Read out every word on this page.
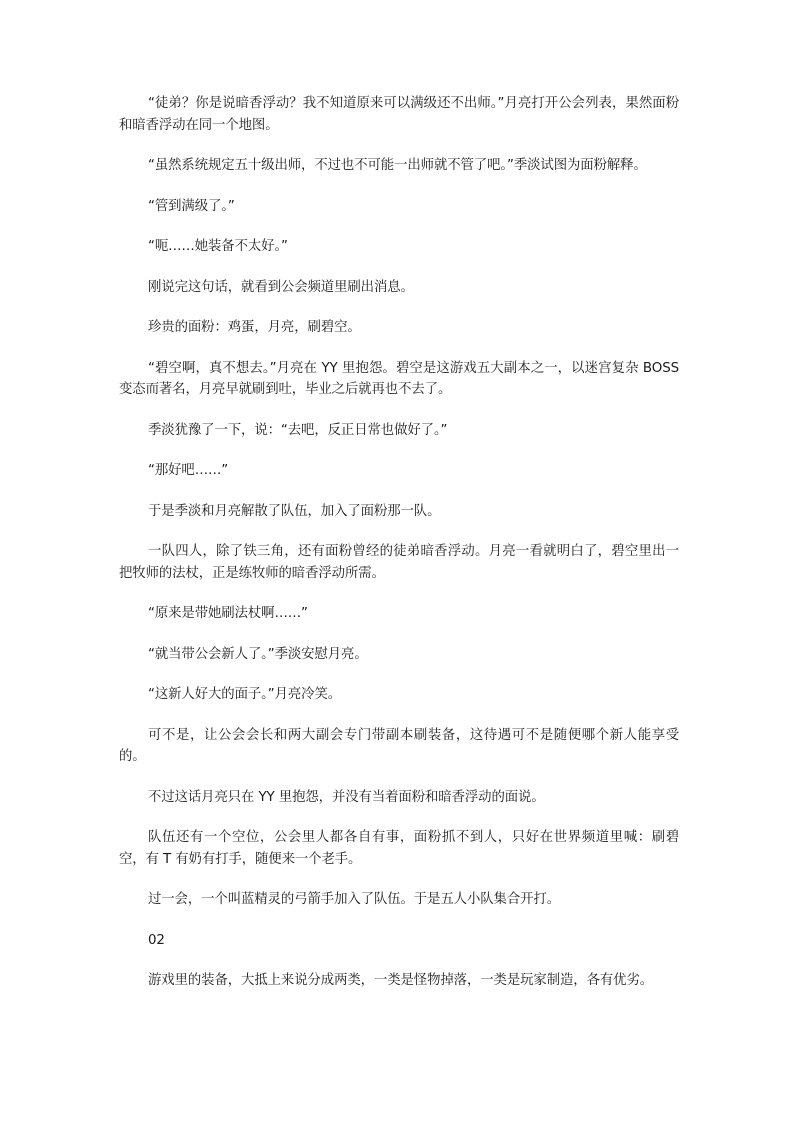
“徒弟？你是说暗香浮动？我不知道原来可以满级还不出师。”月亮打开公会列表，果然面粉和暗香浮动在同一个地图。

“虽然系统规定五十级出师，不过也不可能一出师就不管了吧。”季淡试图为面粉解释。

“管到满级了。”

“呃……她装备不太好。”

刚说完这句话，就看到公会频道里刷出消息。

珍贵的面粉：鸡蛋，月亮，刷碧空。

“碧空啊，真不想去。”月亮在 YY 里抱怨。碧空是这游戏五大副本之一，以迷宫复杂 BOSS 变态而著名，月亮早就刷到吐，毕业之后就再也不去了。

季淡犹豫了一下，说：“去吧，反正日常也做好了。”

“那好吧……”

于是季淡和月亮解散了队伍，加入了面粉那一队。

一队四人，除了铁三角，还有面粉曾经的徒弟暗香浮动。月亮一看就明白了，碧空里出一把牧师的法杖，正是练牧师的暗香浮动所需。

“原来是带她刷法杖啊……”

“就当带公会新人了。”季淡安慰月亮。

“这新人好大的面子。”月亮冷笑。

可不是，让公会会长和两大副会专门带副本刷装备，这待遇可不是随便哪个新人能享受的。

不过这话月亮只在 YY 里抱怨，并没有当着面粉和暗香浮动的面说。

队伍还有一个空位，公会里人都各自有事，面粉抓不到人，只好在世界频道里喊：刷碧空，有 T 有奶有打手，随便来一个老手。

过一会，一个叫蓝精灵的弓箭手加入了队伍。于是五人小队集合开打。

02

游戏里的装备，大抵上来说分成两类，一类是怪物掉落，一类是玩家制造，各有优劣。
